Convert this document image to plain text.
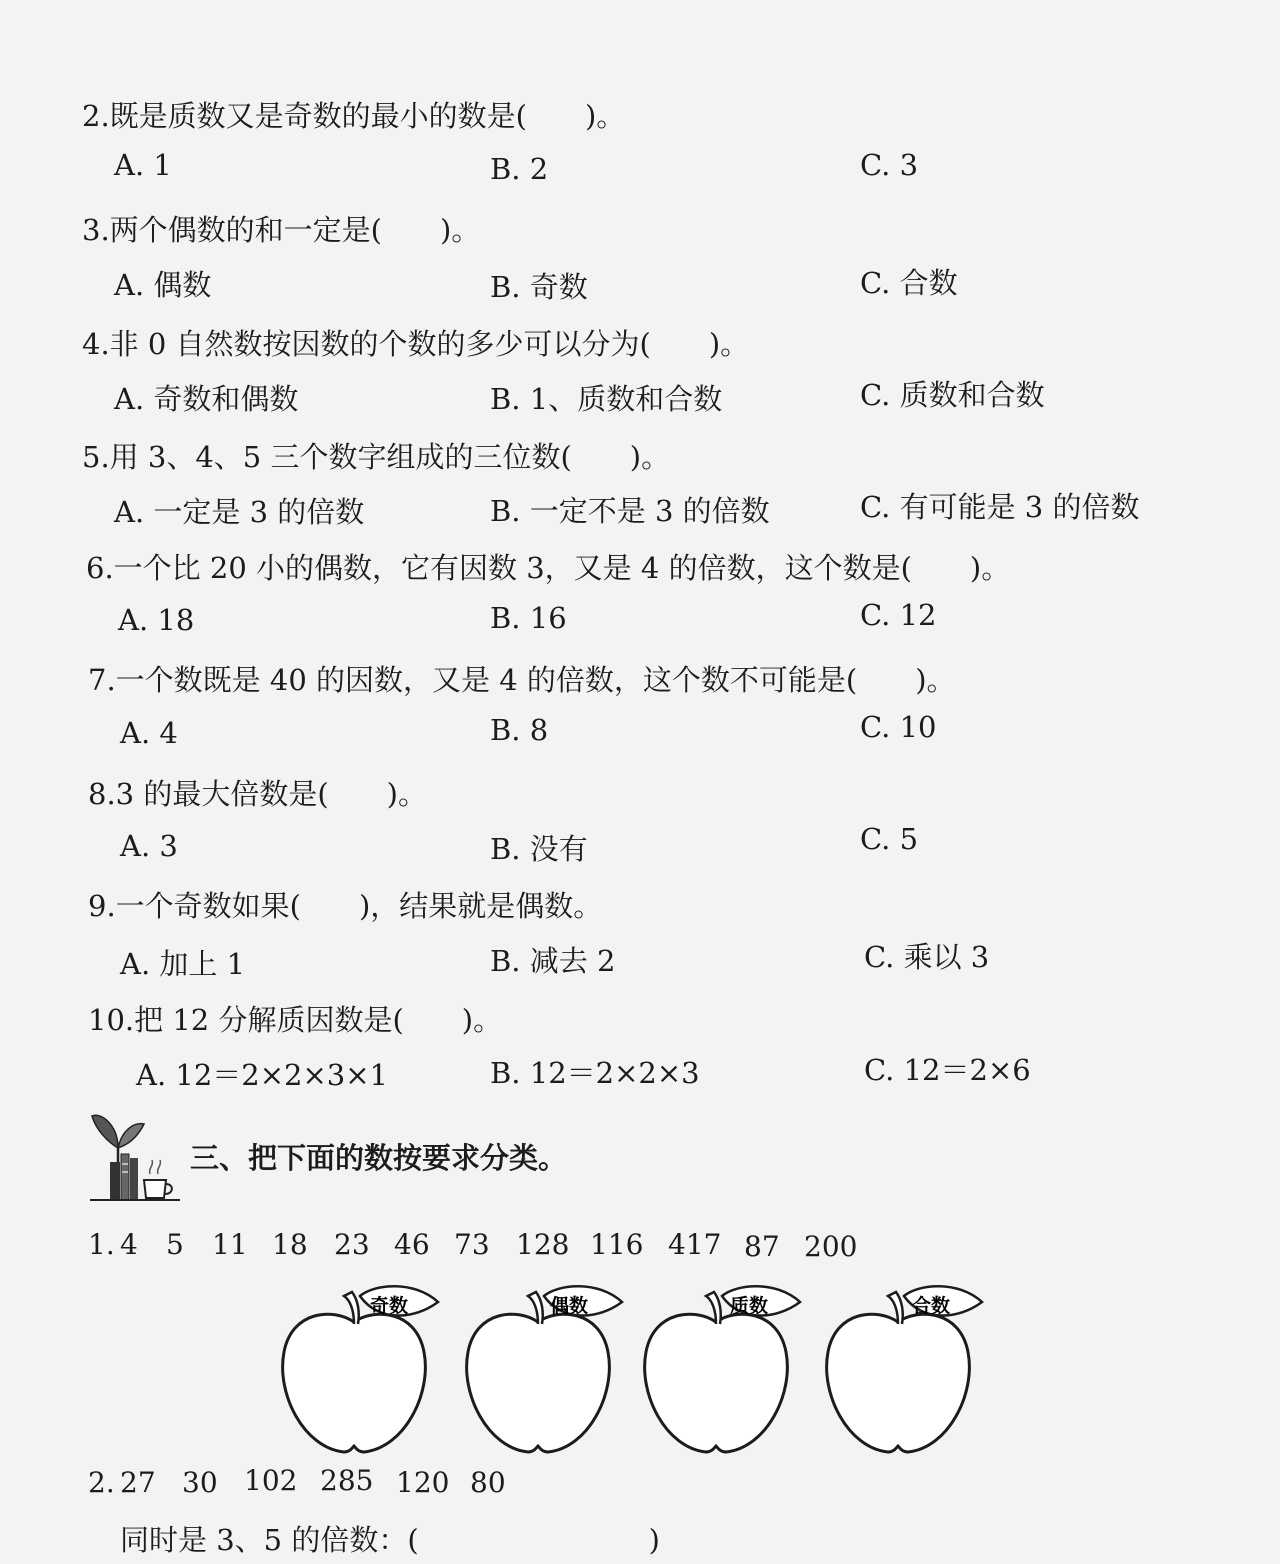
2.既是质数又是奇数的最小的数是(　　)。
A. 1	B. 2	C. 3
3.两个偶数的和一定是(　　)。
A. 偶数	B. 奇数	C. 合数
4.非 0 自然数按因数的个数的多少可以分为(　　)。
A. 奇数和偶数	B. 1、质数和合数	C. 质数和合数
5.用 3、4、5 三个数字组成的三位数(　　)。
A. 一定是 3 的倍数	B. 一定不是 3 的倍数	C. 有可能是 3 的倍数
6.一个比 20 小的偶数，它有因数 3，又是 4 的倍数，这个数是(　　)。
A. 18	B. 16	C. 12
7.一个数既是 40 的因数，又是 4 的倍数，这个数不可能是(　　)。
A. 4	B. 8	C. 10
8.3 的最大倍数是(　　)。
A. 3	B. 没有	C. 5
9.一个奇数如果(　　)，结果就是偶数。
A. 加上 1	B. 减去 2	C. 乘以 3
10.把 12 分解质因数是(　　)。
A. 12＝2×2×3×1	B. 12＝2×2×3	C. 12＝2×6
三、把下面的数按要求分类。
1. 4 5 11 18 23 46 73 128 116 417 87 200
奇数	偶数	质数	合数
2. 27 30 102 285 120 80
同时是 3、5 的倍数：(	)
